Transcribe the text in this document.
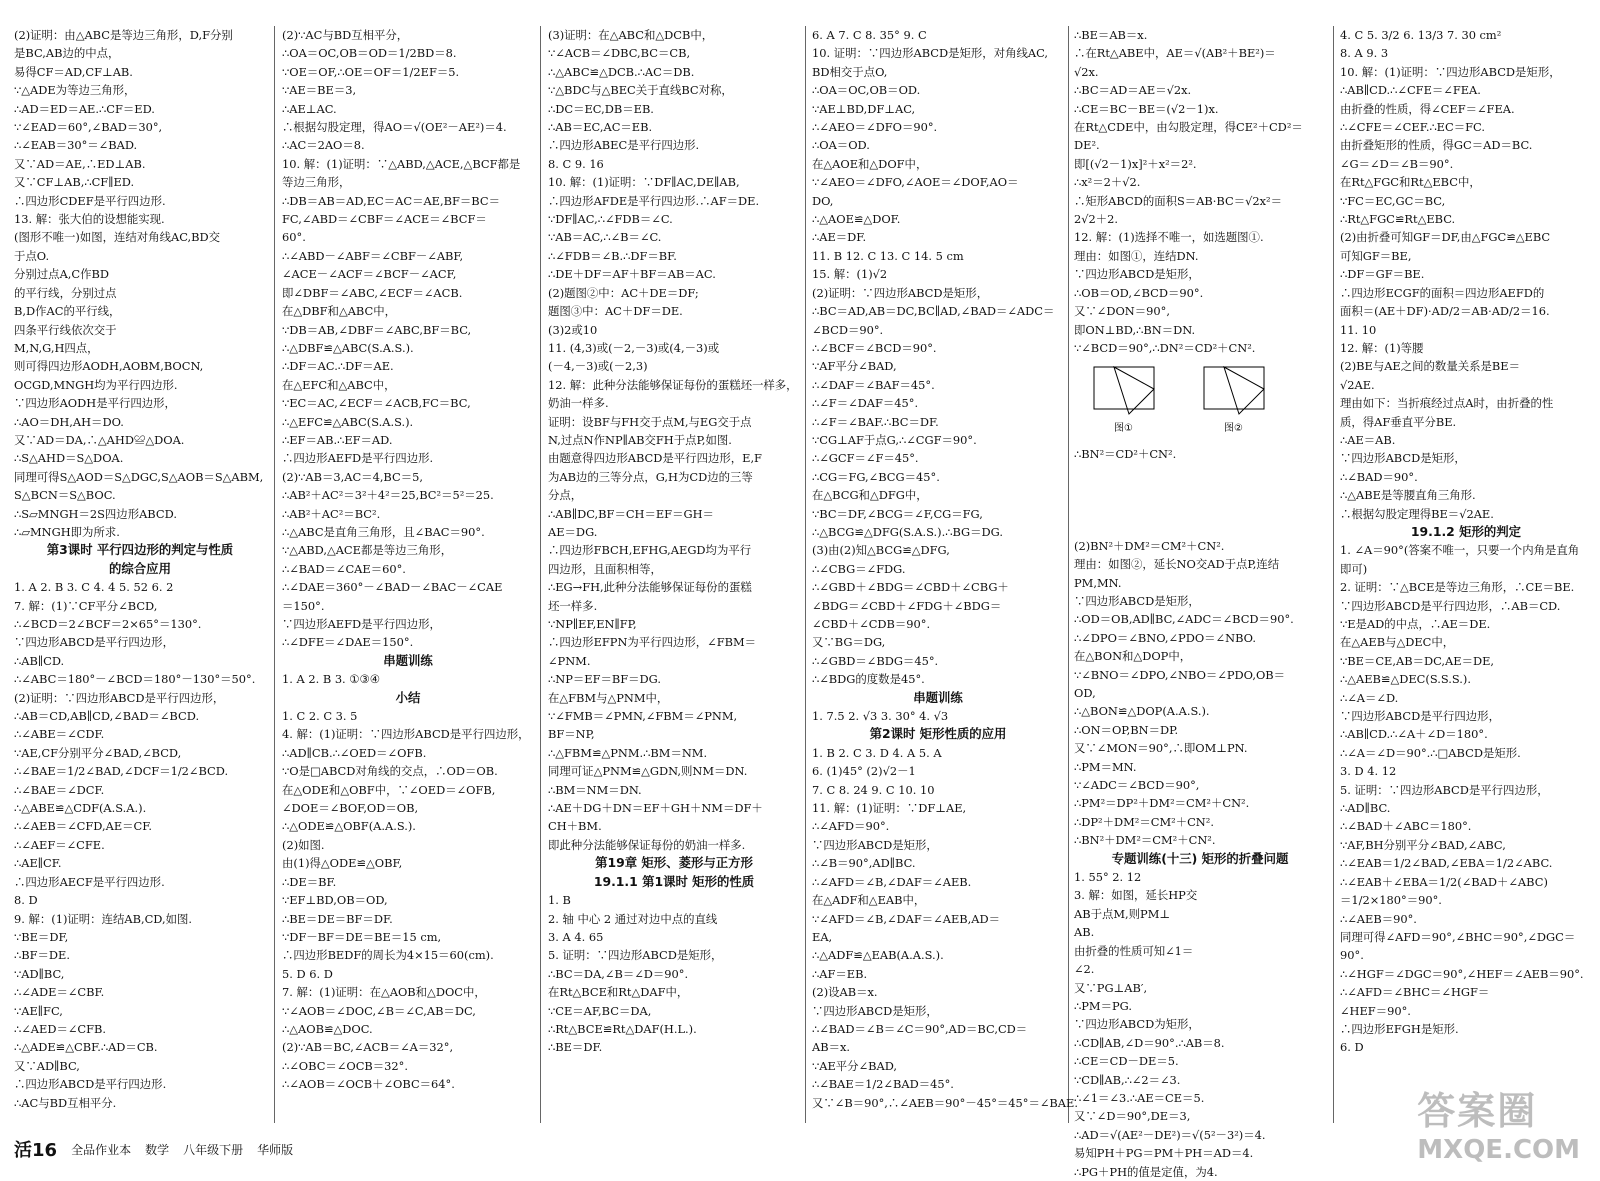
(2)证明：由△ABC是等边三角形，D,F分别
是BC,AB边的中点，
易得CF＝AD,CF⊥AB.
∵△ADE为等边三角形，
∴AD＝ED＝AE.∴CF＝ED.
∵∠EAD＝60°,∠BAD＝30°,
∴∠EAB＝30°＝∠BAD.
又∵AD＝AE,∴ED⊥AB.
又∵CF⊥AB,∴CF∥ED.
∴四边形CDEF是平行四边形.
13. 解：张大伯的设想能实现.
(图形不唯一)如图，连结对角线AC,BD交
于点O.
分别过点A,C作BD
的平行线，分别过点
B,D作AC的平行线，
四条平行线依次交于
M,N,G,H四点，
则可得四边形AODH,AOBM,BOCN,
OCGD,MNGH均为平行四边形.
∵四边形AODH是平行四边形，
∴AO＝DH,AH＝DO.
又∵AD＝DA,∴△AHD≌△DOA.
∴S△AHD＝S△DOA.
同理可得S△AOD＝S△DGC,S△AOB＝S△ABM,
S△BCN＝S△BOC.
∴S▱MNGH＝2S四边形ABCD.
∴▱MNGH即为所求.
第3课时 平行四边形的判定与性质
的综合应用
1. A 2. B 3. C 4. 4 5. 52 6. 2
7. 解：(1)∵CF平分∠BCD,
∴∠BCD＝2∠BCF＝2×65°＝130°.
∵四边形ABCD是平行四边形，
∴AB∥CD.
∴∠ABC＝180°－∠BCD＝180°－130°＝50°.
(2)证明：∵四边形ABCD是平行四边形，
∴AB＝CD,AB∥CD,∠BAD＝∠BCD.
∴∠ABE＝∠CDF.
∵AE,CF分别平分∠BAD,∠BCD,
∴∠BAE＝1/2∠BAD,∠DCF＝1/2∠BCD.
∴∠BAE＝∠DCF.
∴△ABE≌△CDF(A.S.A.).
∴∠AEB＝∠CFD,AE＝CF.
∴∠AEF＝∠CFE.
∴AE∥CF.
∴四边形AECF是平行四边形.
8. D
9. 解：(1)证明：连结AB,CD,如图.
∵BE＝DF,
∴BF＝DE.
∵AD∥BC,
∴∠ADE＝∠CBF.
∵AE∥FC,
∴∠AED＝∠CFB.
∴△ADE≌△CBF.∴AD＝CB.
又∵AD∥BC,
∴四边形ABCD是平行四边形.
∴AC与BD互相平分.
(2)∵AC与BD互相平分，
∴OA＝OC,OB＝OD＝1/2BD＝8.
∵OE＝OF,∴OE＝OF＝1/2EF＝5.
∵AE＝BE＝3,
∴AE⊥AC.
∴根据勾股定理，得AO＝√(OE²－AE²)＝4.
∴AC＝2AO＝8.
10. 解：(1)证明：∵△ABD,△ACE,△BCF都是
等边三角形，
∴DB＝AB＝AD,EC＝AC＝AE,BF＝BC＝
FC,∠ABD＝∠CBF＝∠ACE＝∠BCF＝
60°.
∴∠ABD－∠ABF＝∠CBF－∠ABF,
∠ACE－∠ACF＝∠BCF－∠ACF,
即∠DBF＝∠ABC,∠ECF＝∠ACB.
在△DBF和△ABC中，
∵DB＝AB,∠DBF＝∠ABC,BF＝BC,
∴△DBF≌△ABC(S.A.S.).
∴DF＝AC.∴DF＝AE.
在△EFC和△ABC中，
∵EC＝AC,∠ECF＝∠ACB,FC＝BC,
∴△EFC≌△ABC(S.A.S.).
∴EF＝AB.∴EF＝AD.
∴四边形AEFD是平行四边形.
(2)∵AB＝3,AC＝4,BC＝5,
∴AB²＋AC²＝3²＋4²＝25,BC²＝5²＝25.
∴AB²＋AC²＝BC².
∴△ABC是直角三角形，且∠BAC＝90°.
∵△ABD,△ACE都是等边三角形，
∴∠BAD＝∠CAE＝60°.
∴∠DAE＝360°－∠BAD－∠BAC－∠CAE
＝150°.
∵四边形AEFD是平行四边形，
∴∠DFE＝∠DAE＝150°.
串题训练
1. A 2. B 3. ①③④
小结
1. C 2. C 3. 5
4. 解：(1)证明：∵四边形ABCD是平行四边形，
∴AD∥CB.∴∠OED＝∠OFB.
∵O是□ABCD对角线的交点，∴OD＝OB.
在△ODE和△OBF中，∵∠OED＝∠OFB,
∠DOE＝∠BOF,OD＝OB,
∴△ODE≌△OBF(A.A.S.).
(2)如图.
由(1)得△ODE≌△OBF,
∴DE＝BF.
∵EF⊥BD,OB＝OD,
∴BE＝DE＝BF＝DF.
∵DF－BF＝DE＝BE＝15 cm,
∴四边形BEDF的周长为4×15＝60(cm).
5. D 6. D
7. 解：(1)证明：在△AOB和△DOC中，
∵∠AOB＝∠DOC,∠B＝∠C,AB＝DC,
∴△AOB≌△DOC.
(2)∵AB＝BC,∠ACB＝∠A＝32°,
∴∠OBC＝∠OCB＝32°.
∴∠AOB＝∠OCB＋∠OBC＝64°.
(3)证明：在△ABC和△DCB中，
∵∠ACB＝∠DBC,BC＝CB,
∴△ABC≌△DCB.∴AC＝DB.
∵△BDC与△BEC关于直线BC对称，
∴DC＝EC,DB＝EB.
∴AB＝EC,AC＝EB.
∴四边形ABEC是平行四边形.
8. C 9. 16
10. 解：(1)证明：∵DF∥AC,DE∥AB,
∴四边形AFDE是平行四边形.∴AF＝DE.
∵DF∥AC,∴∠FDB＝∠C.
∵AB＝AC,∴∠B＝∠C.
∴∠FDB＝∠B.∴DF＝BF.
∴DE＋DF＝AF＋BF＝AB＝AC.
(2)题图②中：AC＋DE＝DF;
题图③中：AC＋DF＝DE.
(3)2或10
11. (4,3)或(－2,－3)或(4,－3)或
(－4,－3)或(－2,3)
12. 解：此种分法能够保证每份的蛋糕坯一样多，
奶油一样多.
证明：设BF与FH交于点M,与EG交于点
N,过点N作NP∥AB交FH于点P,如图.
由题意得四边形ABCD是平行四边形，E,F
为AB边的三等分点，G,H为CD边的三等
分点，
∴AB∥DC,BF＝CH＝EF＝GH＝
AE＝DG.
∴四边形FBCH,EFHG,AEGD均为平行
四边形，且面积相等，
∴EG→FH,此种分法能够保证每份的蛋糕
坯一样多.
∵NP∥EF,EN∥FP,
∴四边形EFPN为平行四边形，∠FBM＝
∠PNM.
∴NP＝EF＝BF＝DG.
在△FBM与△PNM中，
∵∠FMB＝∠PMN,∠FBM＝∠PNM,
BF＝NP,
∴△FBM≌△PNM.∴BM＝NM.
同理可证△PNM≌△GDN,则NM＝DN.
∴BM＝NM＝DN.
∴AE＋DG＋DN＝EF＋GH＋NM＝DF＋
CH＋BM.
即此种分法能够保证每份的奶油一样多.
第19章 矩形、菱形与正方形
19.1.1 第1课时 矩形的性质
1. B
2. 轴 中心 2 通过对边中点的直线
3. A 4. 65
5. 证明：∵四边形ABCD是矩形，
∴BC＝DA,∠B＝∠D＝90°.
在Rt△BCE和Rt△DAF中，
∵CE＝AF,BC＝DA,
∴Rt△BCE≌Rt△DAF(H.L.).
∴BE＝DF.
6. A 7. C 8. 35° 9. C
10. 证明：∵四边形ABCD是矩形，对角线AC,
BD相交于点O,
∴OA＝OC,OB＝OD.
∵AE⊥BD,DF⊥AC,
∴∠AEO＝∠DFO＝90°.
∴OA＝OD.
在△AOE和△DOF中，
∵∠AEO＝∠DFO,∠AOE＝∠DOF,AO＝
DO,
∴△AOE≌△DOF.
∴AE＝DF.
11. B 12. C 13. C 14. 5 cm
15. 解：(1)√2
(2)证明：∵四边形ABCD是矩形，
∴BC＝AD,AB＝DC,BC∥AD,∠BAD＝∠ADC＝
∠BCD＝90°.
∴∠BCF＝∠BCD＝90°.
∵AF平分∠BAD,
∴∠DAF＝∠BAF＝45°.
∴∠F＝∠DAF＝45°.
∴∠F＝∠BAF.∴BC＝DF.
∵CG⊥AF于点G,∴∠CGF＝90°.
∴∠GCF＝∠F＝45°.
∴CG＝FG,∠BCG＝45°.
在△BCG和△DFG中，
∵BC＝DF,∠BCG＝∠F,CG＝FG,
∴△BCG≌△DFG(S.A.S.).∴BG＝DG.
(3)由(2)知△BCG≌△DFG,
∴∠CBG＝∠FDG.
∴∠GBD＋∠BDG＝∠CBD＋∠CBG＋
∠BDG＝∠CBD＋∠FDG＋∠BDG＝
∠CBD＋∠CDB＝90°.
又∵BG＝DG,
∴∠GBD＝∠BDG＝45°.
∴∠BDG的度数是45°.
串题训练
1. 7.5 2. √3 3. 30° 4. √3
第2课时 矩形性质的应用
1. B 2. C 3. D 4. A 5. A
6. (1)45° (2)√2－1
7. C 8. 24 9. C 10. 10
11. 解：(1)证明：∵DF⊥AE,
∴∠AFD＝90°.
∵四边形ABCD是矩形，
∴∠B＝90°,AD∥BC.
∴∠AFD＝∠B,∠DAF＝∠AEB.
在△ADF和△EAB中，
∵∠AFD＝∠B,∠DAF＝∠AEB,AD＝
EA,
∴△ADF≌△EAB(A.A.S.).
∴AF＝EB.
(2)设AB＝x.
∵四边形ABCD是矩形，
∴∠BAD＝∠B＝∠C＝90°,AD＝BC,CD＝
AB＝x.
∵AE平分∠BAD,
∴∠BAE＝1/2∠BAD＝45°.
又∵∠B＝90°,∴∠AEB＝90°－45°＝45°＝∠BAE.
∴BE＝AB＝x.
∴在Rt△ABE中，AE＝√(AB²＋BE²)＝
√2x.
∴BC＝AD＝AE＝√2x.
∴CE＝BC－BE＝(√2－1)x.
在Rt△CDE中，由勾股定理，得CE²＋CD²＝
DE².
即[(√2－1)x]²＋x²＝2².
∴x²＝2＋√2.
∴矩形ABCD的面积S＝AB·BC＝√2x²＝
2√2＋2.
12. 解：(1)选择不唯一，如选题图①.
理由：如图①，连结DN.
∵四边形ABCD是矩形，
∴OB＝OD,∠BCD＝90°.
又∵∠DON＝90°,
即ON⊥BD,∴BN＝DN.
∵∠BCD＝90°,∴DN²＝CD²＋CN².
图①	图②
∴BN²＝CD²＋CN².

(2)BN²＋DM²＝CM²＋CN².
理由：如图②，延长NO交AD于点P,连结
PM,MN.
∵四边形ABCD是矩形，
∴OD＝OB,AD∥BC,∠ADC＝∠BCD＝90°.
∴∠DPO＝∠BNO,∠PDO＝∠NBO.
在△BON和△DOP中，
∵∠BNO＝∠DPO,∠NBO＝∠PDO,OB＝
OD,
∴△BON≌△DOP(A.A.S.).
∴ON＝OP,BN＝DP.
又∵∠MON＝90°,∴即OM⊥PN.
∴PM＝MN.
∵∠ADC＝∠BCD＝90°,
∴PM²＝DP²＋DM²＝CM²＋CN².
∴DP²＋DM²＝CM²＋CN².
∴BN²＋DM²＝CM²＋CN².
专题训练(十三) 矩形的折叠问题
1. 55° 2. 12
3. 解：如图，延长HP交
AB于点M,则PM⊥
AB.
由折叠的性质可知∠1＝
∠2.
又∵PG⊥AB′,
∴PM＝PG.
∵四边形ABCD为矩形，
∴CD∥AB,∠D＝90°.∴AB＝8.
∴CE＝CD－DE＝5.
∵CD∥AB,∴∠2＝∠3.
∴∠1＝∠3.∴AE＝CE＝5.
又∵∠D＝90°,DE＝3,
∴AD＝√(AE²－DE²)＝√(5²－3²)＝4.
易知PH＋PG＝PM＋PH＝AD＝4.
∴PG＋PH的值是定值，为4.
4. C 5. 3/2 6. 13/3 7. 30 cm²
8. A 9. 3
10. 解：(1)证明：∵四边形ABCD是矩形，
∴AB∥CD.∴∠CFE＝∠FEA.
由折叠的性质，得∠CEF＝∠FEA.
∴∠CFE＝∠CEF.∴EC＝FC.
由折叠矩形的性质，得GC＝AD＝BC.
∠G＝∠D＝∠B＝90°.
在Rt△FGC和Rt△EBC中，
∵FC＝EC,GC＝BC,
∴Rt△FGC≌Rt△EBC.
(2)由折叠可知GF＝DF,由△FGC≌△EBC
可知GF＝BE,
∴DF＝GF＝BE.
∴四边形ECGF的面积＝四边形AEFD的
面积＝(AE＋DF)·AD/2＝AB·AD/2＝16.
11. 10
12. 解：(1)等腰
(2)BE与AE之间的数量关系是BE＝
√2AE.
理由如下：当折痕经过点A时，由折叠的性
质，得AF垂直平分BE.
∴AE＝AB.
∵四边形ABCD是矩形，
∴∠BAD＝90°.
∴△ABE是等腰直角三角形.
∴根据勾股定理得BE＝√2AE.
19.1.2 矩形的判定
1. ∠A＝90°(答案不唯一，只要一个内角是直角
即可)
2. 证明：∵△BCE是等边三角形，∴CE＝BE.
∵四边形ABCD是平行四边形，∴AB＝CD.
∵E是AD的中点，∴AE＝DE.
在△AEB与△DEC中，
∵BE＝CE,AB＝DC,AE＝DE,
∴△AEB≌△DEC(S.S.S.).
∴∠A＝∠D.
∵四边形ABCD是平行四边形，
∴AB∥CD.∴∠A＋∠D＝180°.
∴∠A＝∠D＝90°.∴□ABCD是矩形.
3. D 4. 12
5. 证明：∵四边形ABCD是平行四边形，
∴AD∥BC.
∴∠BAD＋∠ABC＝180°.
∵AF,BH分别平分∠BAD,∠ABC,
∴∠EAB＝1/2∠BAD,∠EBA＝1/2∠ABC.
∴∠EAB＋∠EBA＝1/2(∠BAD＋∠ABC)
＝1/2×180°＝90°.
∴∠AEB＝90°.
同理可得∠AFD＝90°,∠BHC＝90°,∠DGC＝
90°.
∴∠HGF＝∠DGC＝90°,∠HEF＝∠AEB＝90°.
∴∠AFD＝∠BHC＝∠HGF＝
∠HEF＝90°.
∴四边形EFGH是矩形.
6. D
活16 全品作业本 数学 八年级下册 华师版
答案圈
MXQE.COM
